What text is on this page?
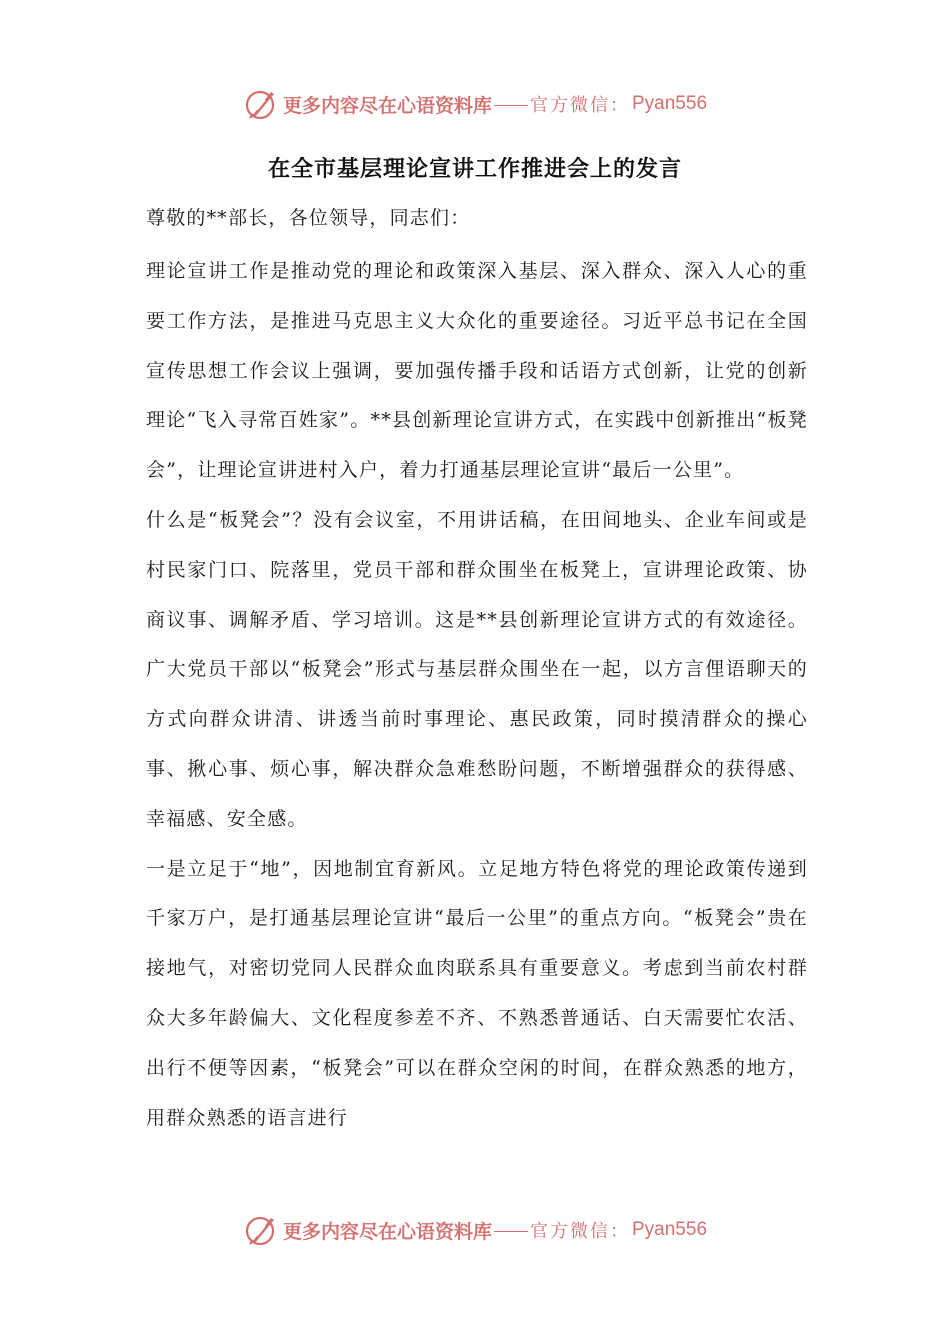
更多内容尽在心语资料库 官方微信： Pyan556
在全市基层理论宣讲工作推进会上的发言

尊敬的**部长，各位领导，同志们：

理论宣讲工作是推动党的理论和政策深入基层、深入群众、深入人心的重要工作方法，是推进马克思主义大众化的重要途径。习近平总书记在全国宣传思想工作会议上强调，要加强传播手段和话语方式创新，让党的创新理论“飞入寻常百姓家”。**县创新理论宣讲方式，在实践中创新推出“板凳会”，让理论宣讲进村入户，着力打通基层理论宣讲“最后一公里”。

什么是“板凳会”？没有会议室，不用讲话稿，在田间地头、企业车间或是村民家门口、院落里，党员干部和群众围坐在板凳上，宣讲理论政策、协商议事、调解矛盾、学习培训。这是**县创新理论宣讲方式的有效途径。广大党员干部以“板凳会”形式与基层群众围坐在一起，以方言俚语聊天的方式向群众讲清、讲透当前时事理论、惠民政策，同时摸清群众的操心事、揪心事、烦心事，解决群众急难愁盼问题，不断增强群众的获得感、幸福感、安全感。

一是立足于“地”，因地制宜育新风。立足地方特色将党的理论政策传递到千家万户，是打通基层理论宣讲“最后一公里”的重点方向。“板凳会”贵在接地气，对密切党同人民群众血肉联系具有重要意义。考虑到当前农村群众大多年龄偏大、文化程度参差不齐、不熟悉普通话、白天需要忙农活、出行不便等因素，“板凳会”可以在群众空闲的时间，在群众熟悉的地方，用群众熟悉的语言进行

更多内容尽在心语资料库 官方微信： Pyan556
